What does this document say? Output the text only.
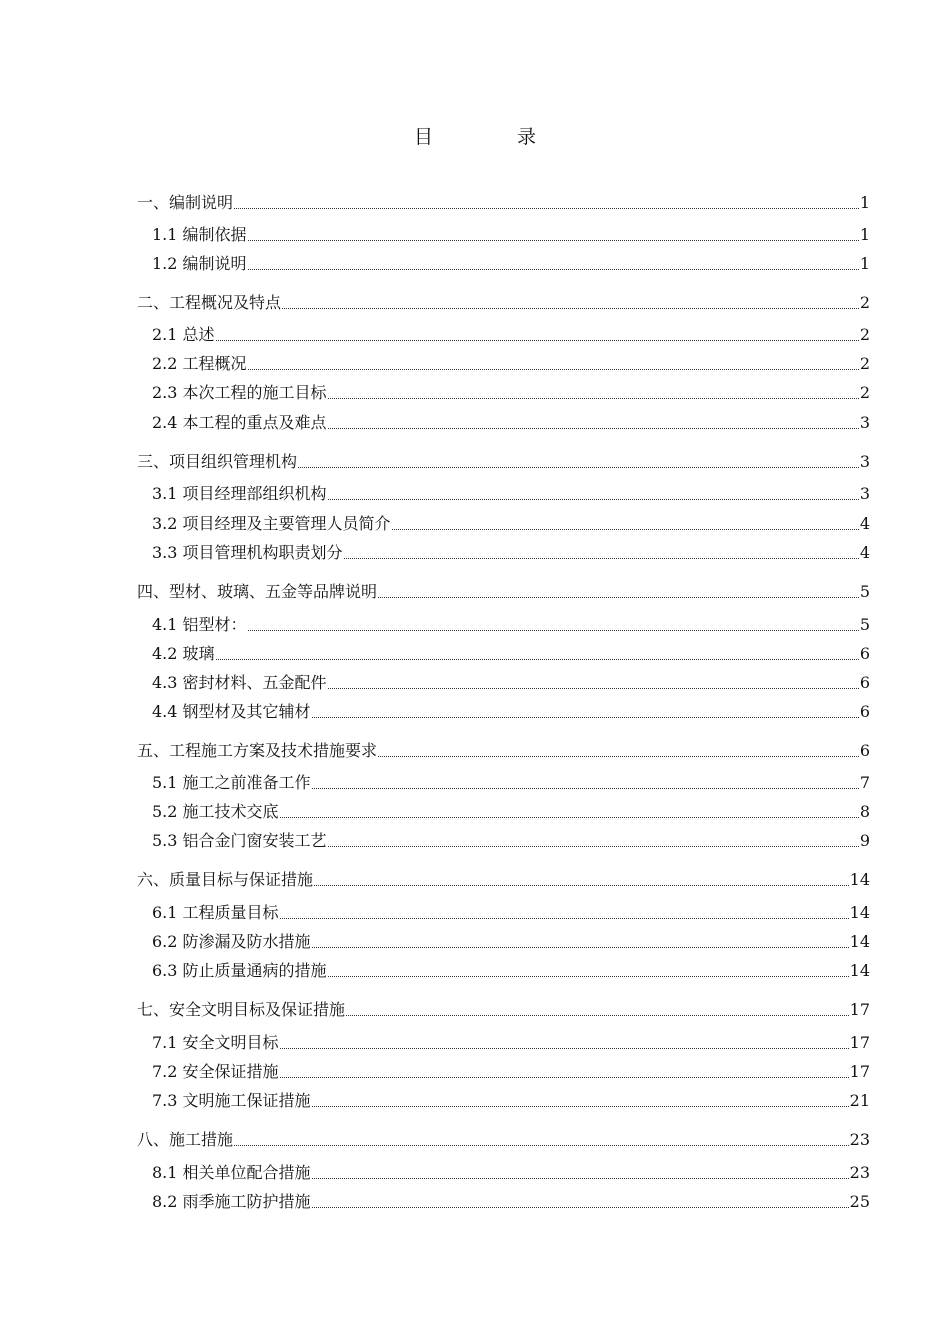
目	录
一、编制说明	1
1.1 编制依据	1
1.2 编制说明	1
二、工程概况及特点	2
2.1 总述	2
2.2 工程概况	2
2.3 本次工程的施工目标	2
2.4 本工程的重点及难点	3
三、项目组织管理机构	3
3.1 项目经理部组织机构	3
3.2 项目经理及主要管理人员简介	4
3.3 项目管理机构职责划分	4
四、型材、玻璃、五金等品牌说明	5
4.1 铝型材：	5
4.2 玻璃	6
4.3 密封材料、五金配件	6
4.4 钢型材及其它辅材	6
五、工程施工方案及技术措施要求	6
5.1 施工之前准备工作	7
5.2 施工技术交底	8
5.3 铝合金门窗安装工艺	9
六、质量目标与保证措施	14
6.1 工程质量目标	14
6.2 防渗漏及防水措施	14
6.3 防止质量通病的措施	14
七、安全文明目标及保证措施	17
7.1 安全文明目标	17
7.2 安全保证措施	17
7.3 文明施工保证措施	21
八、施工措施	23
8.1 相关单位配合措施	23
8.2 雨季施工防护措施	25
